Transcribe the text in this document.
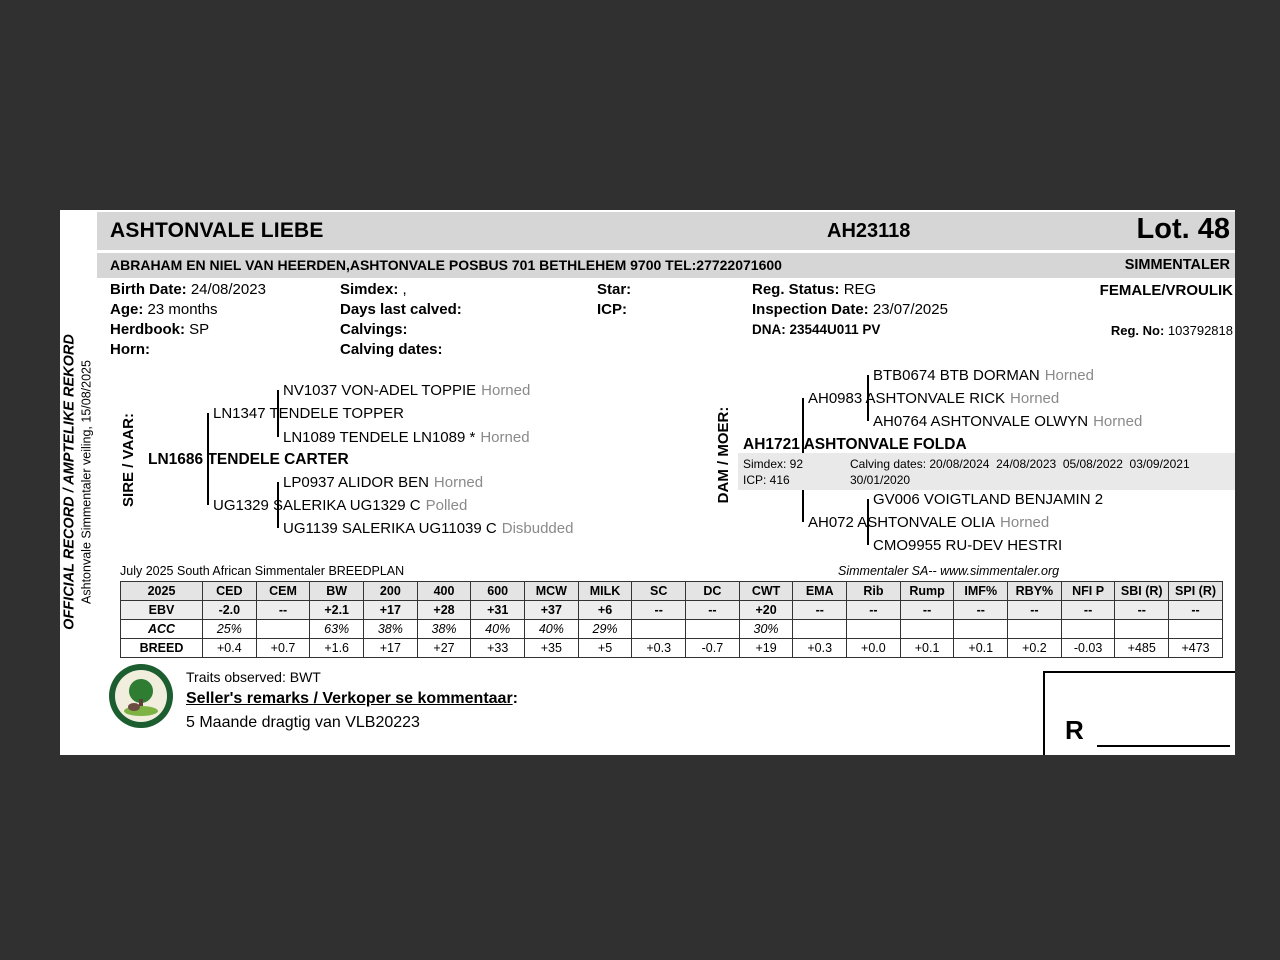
OFFICIAL RECORD / AMPTELIKE REKORD Ashtonvale Simmentaler veiling, 15/08/2025
ASHTONVALE LIEBE	AH23118	Lot. 48
ABRAHAM EN NIEL VAN HEERDEN,ASHTONVALE POSBUS 701 BETHLEHEM 9700 TEL:27722071600	SIMMENTALER
Birth Date: 24/08/2023	Simdex: ,	Star:	Reg. Status: REG	FEMALE/VROULIK
Age: 23 months	Days last calved:	ICP:	Inspection Date: 23/07/2025
Herdbook: SP	Calvings:	DNA: 23544U011 PV	Reg. No: 103792818
Horn:	Calving dates:
SIRE / VAAR:
NV1037 VON-ADEL TOPPIE Horned
LN1347 TENDELE TOPPER
LN1089 TENDELE LN1089 * Horned
LN1686 TENDELE CARTER
LP0937 ALIDOR BEN Horned
UG1329 SALERIKA UG1329 C Polled
UG1139 SALERIKA UG11039 C Disbudded
DAM / MOER:
BTB0674 BTB DORMAN Horned
AH0983 ASHTONVALE RICK Horned
AH0764 ASHTONVALE OLWYN Horned
AH1721 ASHTONVALE FOLDA
Simdex: 92
ICP: 416
Calving dates: 20/08/2024  24/08/2023  05/08/2022  03/09/2021
30/01/2020
GV006 VOIGTLAND BENJAMIN 2
AH072 ASHTONVALE OLIA Horned
CMO9955 RU-DEV HESTRI
July 2025 South African Simmentaler BREEDPLAN	Simmentaler SA-- www.simmentaler.org
2025	CED	CEM	BW	200	400	600	MCW	MILK	SC	DC	CWT	EMA	Rib	Rump	IMF%	RBY%	NFI P	SBI (R)	SPI (R)
EBV	-2.0	--	+2.1	+17	+28	+31	+37	+6	--	--	+20	--	--	--	--	--	--	--	--
ACC	25%		63%	38%	38%	40%	40%	29%			30%								
BREED	+0.4	+0.7	+1.6	+17	+27	+33	+35	+5	+0.3	-0.7	+19	+0.3	+0.0	+0.1	+0.1	+0.2	-0.03	+485	+473
Traits observed: BWT
Seller's remarks / Verkoper se kommentaar:
5 Maande dragtig van VLB20223	R
